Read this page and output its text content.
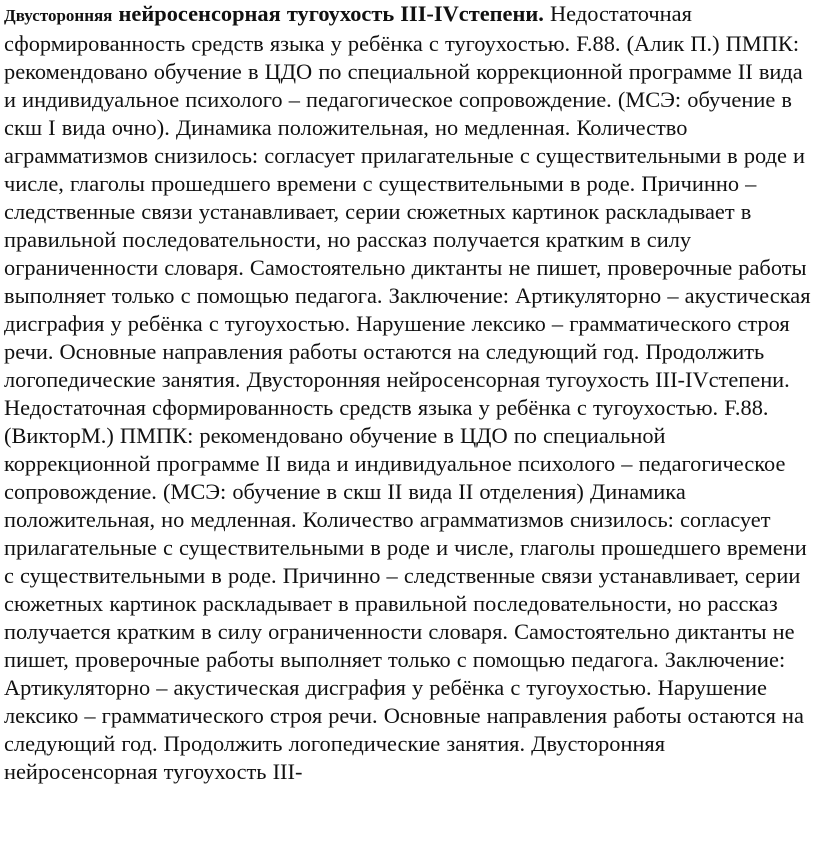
Двусторонняя нейросенсорная тугоухость III-IVстепени. Недостаточная сформированность средств языка у ребёнка с тугоухостью. F.88. (Алик П.) ПМПК: рекомендовано обучение в ЦДО по специальной коррекционной программе II вида и индивидуальное психолого – педагогическое сопровождение. (МСЭ: обучение в скш I вида очно). Динамика положительная, но медленная. Количество аграмматизмов снизилось: согласует прилагательные с существительными в роде и числе, глаголы прошедшего времени с существительными в роде. Причинно – следственные связи устанавливает, серии сюжетных картинок раскладывает в правильной последовательности, но рассказ получается кратким в силу ограниченности словаря. Самостоятельно диктанты не пишет, проверочные работы выполняет только с помощью педагога. Заключение: Артикуляторно – акустическая дисграфия у ребёнка с тугоухостью. Нарушение лексико – грамматического строя речи. Основные направления работы остаются на следующий год. Продолжить логопедические занятия. Двусторонняя нейросенсорная тугоухость III-IVстепени. Недостаточная сформированность средств языка у ребёнка с тугоухостью. F.88. (ВикторМ.) ПМПК: рекомендовано обучение в ЦДО по специальной коррекционной программе II вида и индивидуальное психолого – педагогическое сопровождение. (МСЭ: обучение в скш II вида II отделения) Динамика положительная, но медленная. Количество аграмматизмов снизилось: согласует прилагательные с существительными в роде и числе, глаголы прошедшего времени с существительными в роде. Причинно – следственные связи устанавливает, серии сюжетных картинок раскладывает в правильной последовательности, но рассказ получается кратким в силу ограниченности словаря. Самостоятельно диктанты не пишет, проверочные работы выполняет только с помощью педагога. Заключение: Артикуляторно – акустическая дисграфия у ребёнка с тугоухостью. Нарушение лексико – грамматического строя речи. Основные направления работы остаются на следующий год. Продолжить логопедические занятия. Двусторонняя нейросенсорная тугоухость III-
